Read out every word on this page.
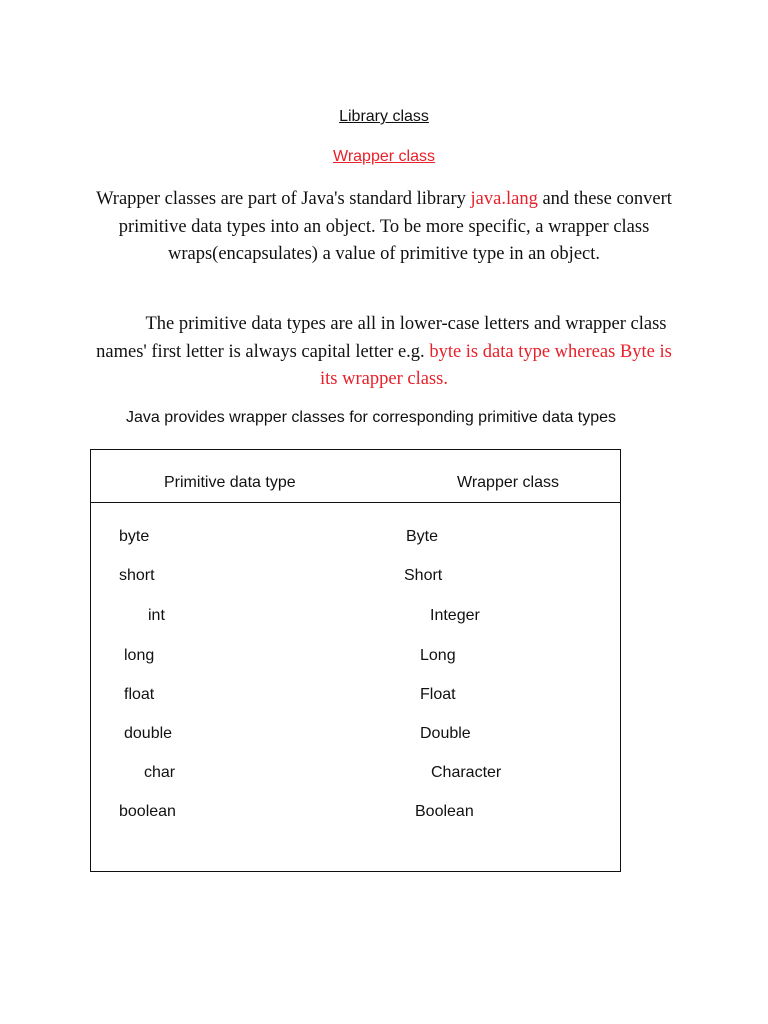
Library class
Wrapper class
Wrapper classes are part of Java's standard library java.lang and these convert primitive data types into an object. To be more specific, a wrapper class wraps(encapsulates) a value of primitive type in an object.
The primitive data types are all in lower-case letters and wrapper class names' first letter is always capital letter e.g. byte is data type whereas Byte is its wrapper class.
Java provides wrapper classes for corresponding primitive data types
Primitive data type	Wrapper class
byte	Byte
short	Short
int	Integer
long	Long
float	Float
double	Double
char	Character
boolean	Boolean
